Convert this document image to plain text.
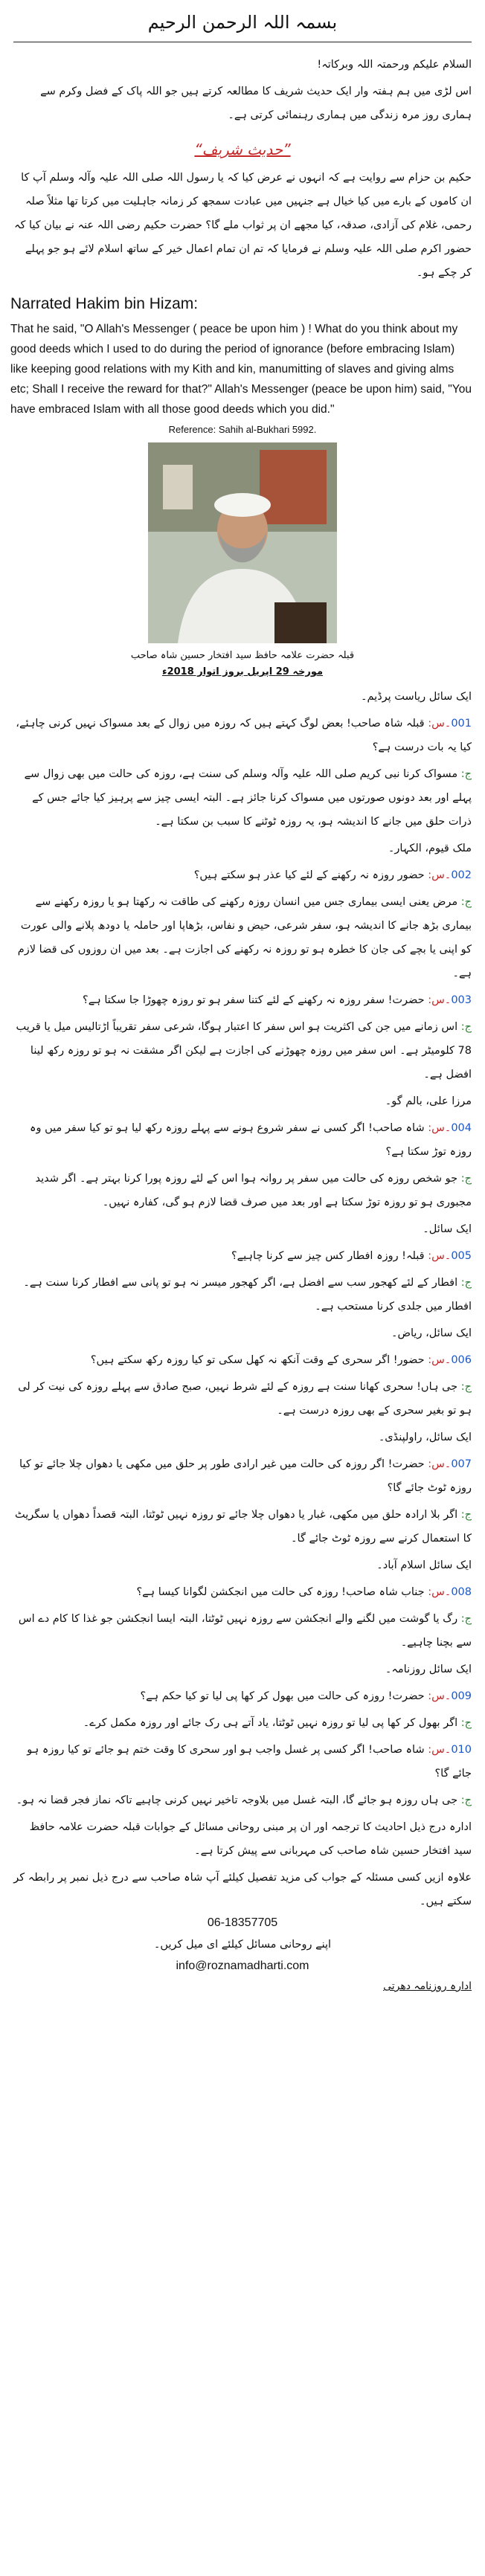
بسمہ اللہ الرحمن الرحیم

السلام علیکم ورحمتہ اللہ وبرکاتہ!

اس لڑی میں ہم ہفتہ وار ایک حدیث شریف کا مطالعہ کرتے ہیں جو اللہ پاک کے فضل وکرم سے ہماری روز مرہ زندگی میں ہماری رہنمائی کرتی ہے۔

”حدیث شریف“

حکیم بن حزام سے روایت ہے کہ انہوں نے عرض کیا کہ یا رسول اللہ صلی اللہ علیہ وآلہ وسلم آپ کا ان کاموں کے بارے میں کیا خیال ہے جنہیں میں عبادت سمجھ کر زمانہ جاہلیت میں کرتا تھا مثلاً صلہ رحمی، غلام کی آزادی، صدقہ، کیا مجھے ان پر ثواب ملے گا؟ حضرت حکیم رضی اللہ عنہ نے بیان کیا کہ حضور اکرم صلی اللہ علیہ وسلم نے فرمایا کہ تم ان تمام اعمال خیر کے ساتھ اسلام لائے ہو جو پہلے کر چکے ہو۔

Narrated Hakim bin Hizam:

That he said, "O Allah's Messenger ( peace be upon him ) ! What do you think about my good deeds which I used to do during the period of ignorance (before embracing Islam) like keeping good relations with my Kith and kin, manumitting of slaves and giving alms etc; Shall I receive the reward for that?" Allah's Messenger (peace be upon him) said, "You have embraced Islam with all those good deeds which you did."

Reference: Sahih al-Bukhari 5992.
قبلہ حضرت علامہ حافظ سید افتخار حسین شاہ صاحب
مورخہ 29 اپریل بروز اتوار 2018ء

ایک سائل ریاست پرڈیم۔

001۔س: قبلہ شاہ صاحب! بعض لوگ کہتے ہیں کہ روزہ میں زوال کے بعد مسواک نہیں کرنی چاہئے، کیا یہ بات درست ہے؟

ج: مسواک کرنا نبی کریم صلی اللہ علیہ وآلہ وسلم کی سنت ہے، روزہ کی حالت میں بھی زوال سے پہلے اور بعد دونوں صورتوں میں مسواک کرنا جائز ہے۔ البتہ ایسی چیز سے پرہیز کیا جائے جس کے ذرات حلق میں جانے کا اندیشہ ہو، یہ روزہ ٹوٹنے کا سبب بن سکتا ہے۔

ملک قیوم، الکہار۔

002۔س: حضور روزہ نہ رکھنے کے لئے کیا عذر ہو سکتے ہیں؟

ج: مرض یعنی ایسی بیماری جس میں انسان روزہ رکھنے کی طاقت نہ رکھتا ہو یا روزہ رکھنے سے بیماری بڑھ جانے کا اندیشہ ہو، سفر شرعی، حیض و نفاس، بڑھاپا اور حاملہ یا دودھ پلانے والی عورت کو اپنی یا بچے کی جان کا خطرہ ہو تو روزہ نہ رکھنے کی اجازت ہے۔ بعد میں ان روزوں کی قضا لازم ہے۔

003۔س: حضرت! سفر روزہ نہ رکھنے کے لئے کتنا سفر ہو تو روزہ چھوڑا جا سکتا ہے؟

ج: اس زمانے میں جن کی اکثریت ہو اس سفر کا اعتبار ہوگا، شرعی سفر تقریباً اڑتالیس میل یا قریب 78 کلومیٹر ہے۔ اس سفر میں روزہ چھوڑنے کی اجازت ہے لیکن اگر مشقت نہ ہو تو روزہ رکھ لینا افضل ہے۔

مرزا علی، بالم گو۔

004۔س: شاہ صاحب! اگر کسی نے سفر شروع ہونے سے پہلے روزہ رکھ لیا ہو تو کیا سفر میں وہ روزہ توڑ سکتا ہے؟

ج: جو شخص روزہ کی حالت میں سفر پر روانہ ہوا اس کے لئے روزہ پورا کرنا بہتر ہے۔ اگر شدید مجبوری ہو تو روزہ توڑ سکتا ہے اور بعد میں صرف قضا لازم ہو گی، کفارہ نہیں۔

ایک سائل۔

005۔س: قبلہ! روزہ افطار کس چیز سے کرنا چاہیے؟

ج: افطار کے لئے کھجور سب سے افضل ہے، اگر کھجور میسر نہ ہو تو پانی سے افطار کرنا سنت ہے۔ افطار میں جلدی کرنا مستحب ہے۔

ایک سائل، ریاض۔

006۔س: حضور! اگر سحری کے وقت آنکھ نہ کھل سکی تو کیا روزہ رکھ سکتے ہیں؟

ج: جی ہاں! سحری کھانا سنت ہے روزہ کے لئے شرط نہیں، صبح صادق سے پہلے روزہ کی نیت کر لی ہو تو بغیر سحری کے بھی روزہ درست ہے۔

ایک سائل، راولپنڈی۔

007۔س: حضرت! اگر روزہ کی حالت میں غیر ارادی طور پر حلق میں مکھی یا دھواں چلا جائے تو کیا روزہ ٹوٹ جائے گا؟

ج: اگر بلا ارادہ حلق میں مکھی، غبار یا دھواں چلا جائے تو روزہ نہیں ٹوٹتا، البتہ قصداً دھواں یا سگریٹ کا استعمال کرنے سے روزہ ٹوٹ جائے گا۔

ایک سائل اسلام آباد۔

008۔س: جناب شاہ صاحب! روزہ کی حالت میں انجکشن لگوانا کیسا ہے؟

ج: رگ یا گوشت میں لگنے والے انجکشن سے روزہ نہیں ٹوٹتا، البتہ ایسا انجکشن جو غذا کا کام دے اس سے بچنا چاہیے۔

ایک سائل روزنامہ۔

009۔س: حضرت! روزہ کی حالت میں بھول کر کھا پی لیا تو کیا حکم ہے؟

ج: اگر بھول کر کھا پی لیا تو روزہ نہیں ٹوٹتا، یاد آتے ہی رک جائے اور روزہ مکمل کرے۔

010۔س: شاہ صاحب! اگر کسی پر غسل واجب ہو اور سحری کا وقت ختم ہو جائے تو کیا روزہ ہو جائے گا؟

ج: جی ہاں روزہ ہو جائے گا، البتہ غسل میں بلاوجہ تاخیر نہیں کرنی چاہیے تاکہ نماز فجر قضا نہ ہو۔

ادارہ درج ذیل احادیث کا ترجمہ اور ان پر مبنی روحانی مسائل کے جوابات قبلہ حضرت علامہ حافظ سید افتخار حسین شاہ صاحب کی مہربانی سے پیش کرتا ہے۔

علاوہ ازیں کسی مسئلہ کے جواب کی مزید تفصیل کیلئے آپ شاہ صاحب سے درج ذیل نمبر پر رابطہ کر سکتے ہیں۔

06-18357705
اپنے روحانی مسائل کیلئے ای میل کریں۔
info@roznamadharti.com
ادارہ روزنامہ دھرتی
